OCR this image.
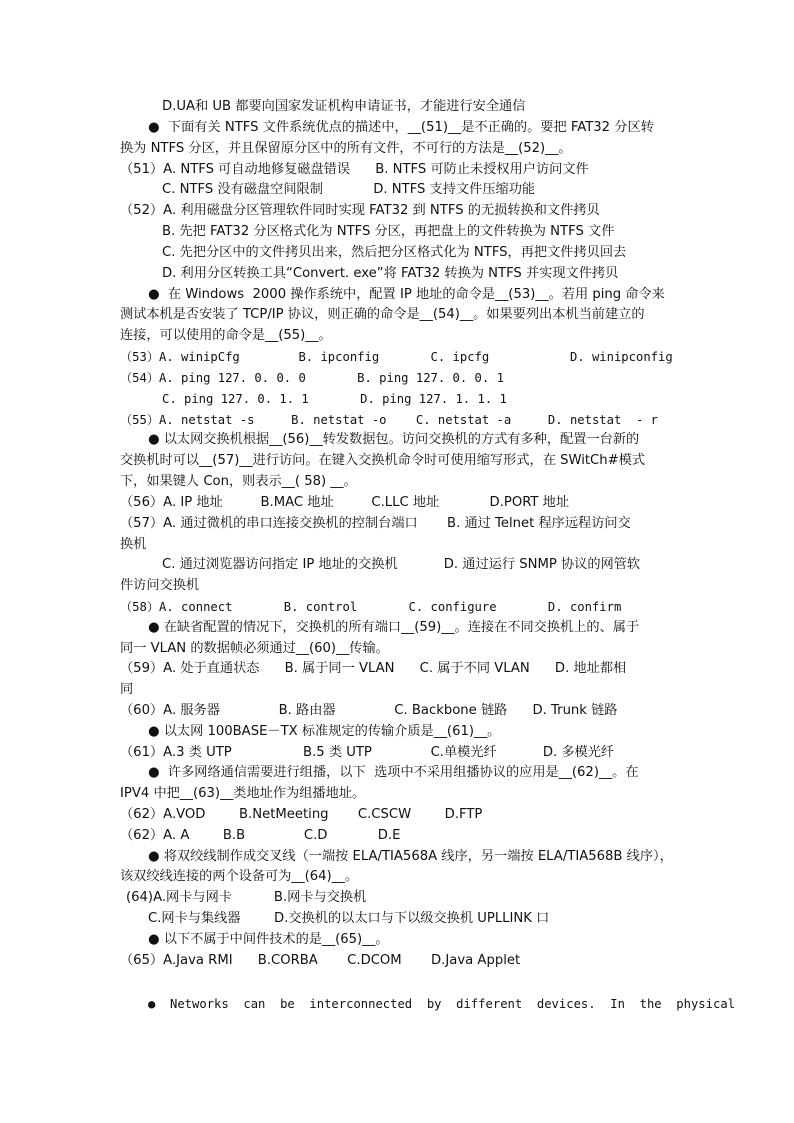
D.UA和 UB 都要向国家发证机构申请证书，才能进行安全通信
●  下面有关 NTFS 文件系统优点的描述中，__(51)__是不正确的。要把 FAT32 分区转
换为 NTFS 分区，并且保留原分区中的所有文件，不可行的方法是__(52)__。
（51）A. NTFS 可自动地修复磁盘错误      B. NTFS 可防止未授权用户访问文件
C. NTFS 没有磁盘空间限制            D. NTFS 支持文件压缩功能
（52）A. 利用磁盘分区管理软件同时实现 FAT32 到 NTFS 的无损转换和文件拷贝
B. 先把 FAT32 分区格式化为 NTFS 分区，再把盘上的文件转换为 NTFS 文件
C. 先把分区中的文件拷贝出来，然后把分区格式化为 NTFS，再把文件拷贝回去
D. 利用分区转换工具“Convert. exe”将 FAT32 转换为 NTFS 并实现文件拷贝
●  在 Windows  2000 操作系统中，配置 IP 地址的命令是__(53)__。若用 ping 命令来
测试本机是否安装了 TCP/IP 协议，则正确的命令是__(54)__。如果要列出本机当前建立的
连接，可以使用的命令是__(55)__。
（53）A. winipCfg        B. ipconfig       C. ipcfg           D. winipconfig
（54）A. ping 127. 0. 0. 0       B. ping 127. 0. 0. 1
C. ping 127. 0. 1. 1       D. ping 127. 1. 1. 1
（55）A. netstat -s     B. netstat -o    C. netstat -a     D. netstat  - r
● 以太网交换机根据__(56)__转发数据包。访问交换机的方式有多种，配置一台新的
交换机时可以__(57)__进行访问。在键入交换机命令时可使用缩写形式，在 SWitCh#模式
下，如果键人 Con，则表示__( 58) __。
（56）A. IP 地址         B.MAC 地址         C.LLC 地址            D.PORT 地址
（57）A. 通过微机的串口连接交换机的控制台端口       B. 通过 Telnet 程序远程访问交
换机
C. 通过浏览器访问指定 IP 地址的交换机           D. 通过运行 SNMP 协议的网管软
件访问交换机
（58）A. connect       B. control       C. configure       D. confirm
● 在缺省配置的情况下，交换机的所有端口__(59)__。连接在不同交换机上的、属于
同一 VLAN 的数据帧必须通过__(60)__传输。
（59）A. 处于直通状态      B. 属于同一 VLAN      C. 属于不同 VLAN      D. 地址都相
同
（60）A. 服务器              B. 路由器              C. Backbone 链路      D. Trunk 链路
● 以太网 100BASE－TX 标准规定的传输介质是__(61)__。
（61）A.3 类 UTP                 B.5 类 UTP              C.单模光纤           D. 多模光纤
●  许多网络通信需要进行组播，以下  选项中不采用组播协议的应用是__(62)__。在
IPV4 中把__(63)__类地址作为组播地址。
（62）A.VOD        B.NetMeeting       C.CSCW        D.FTP
（62）A. A        B.B              C.D            D.E
● 将双绞线制作成交叉线（一端按 ELA/TIA568A 线序，另一端按 ELA/TIA568B 线序），
该双绞线连接的两个设备可为__(64)__。
(64)A.网卡与网卡          B.网卡与交换机
C.网卡与集线器        D.交换机的以太口与下以级交换机 UPLLINK 口
● 以下不属于中间件技术的是__(65)__。
（65）A.Java RMI      B.CORBA       C.DCOM       D.Java Applet
●  Networks  can  be  interconnected  by  different  devices.  In  the  physical
